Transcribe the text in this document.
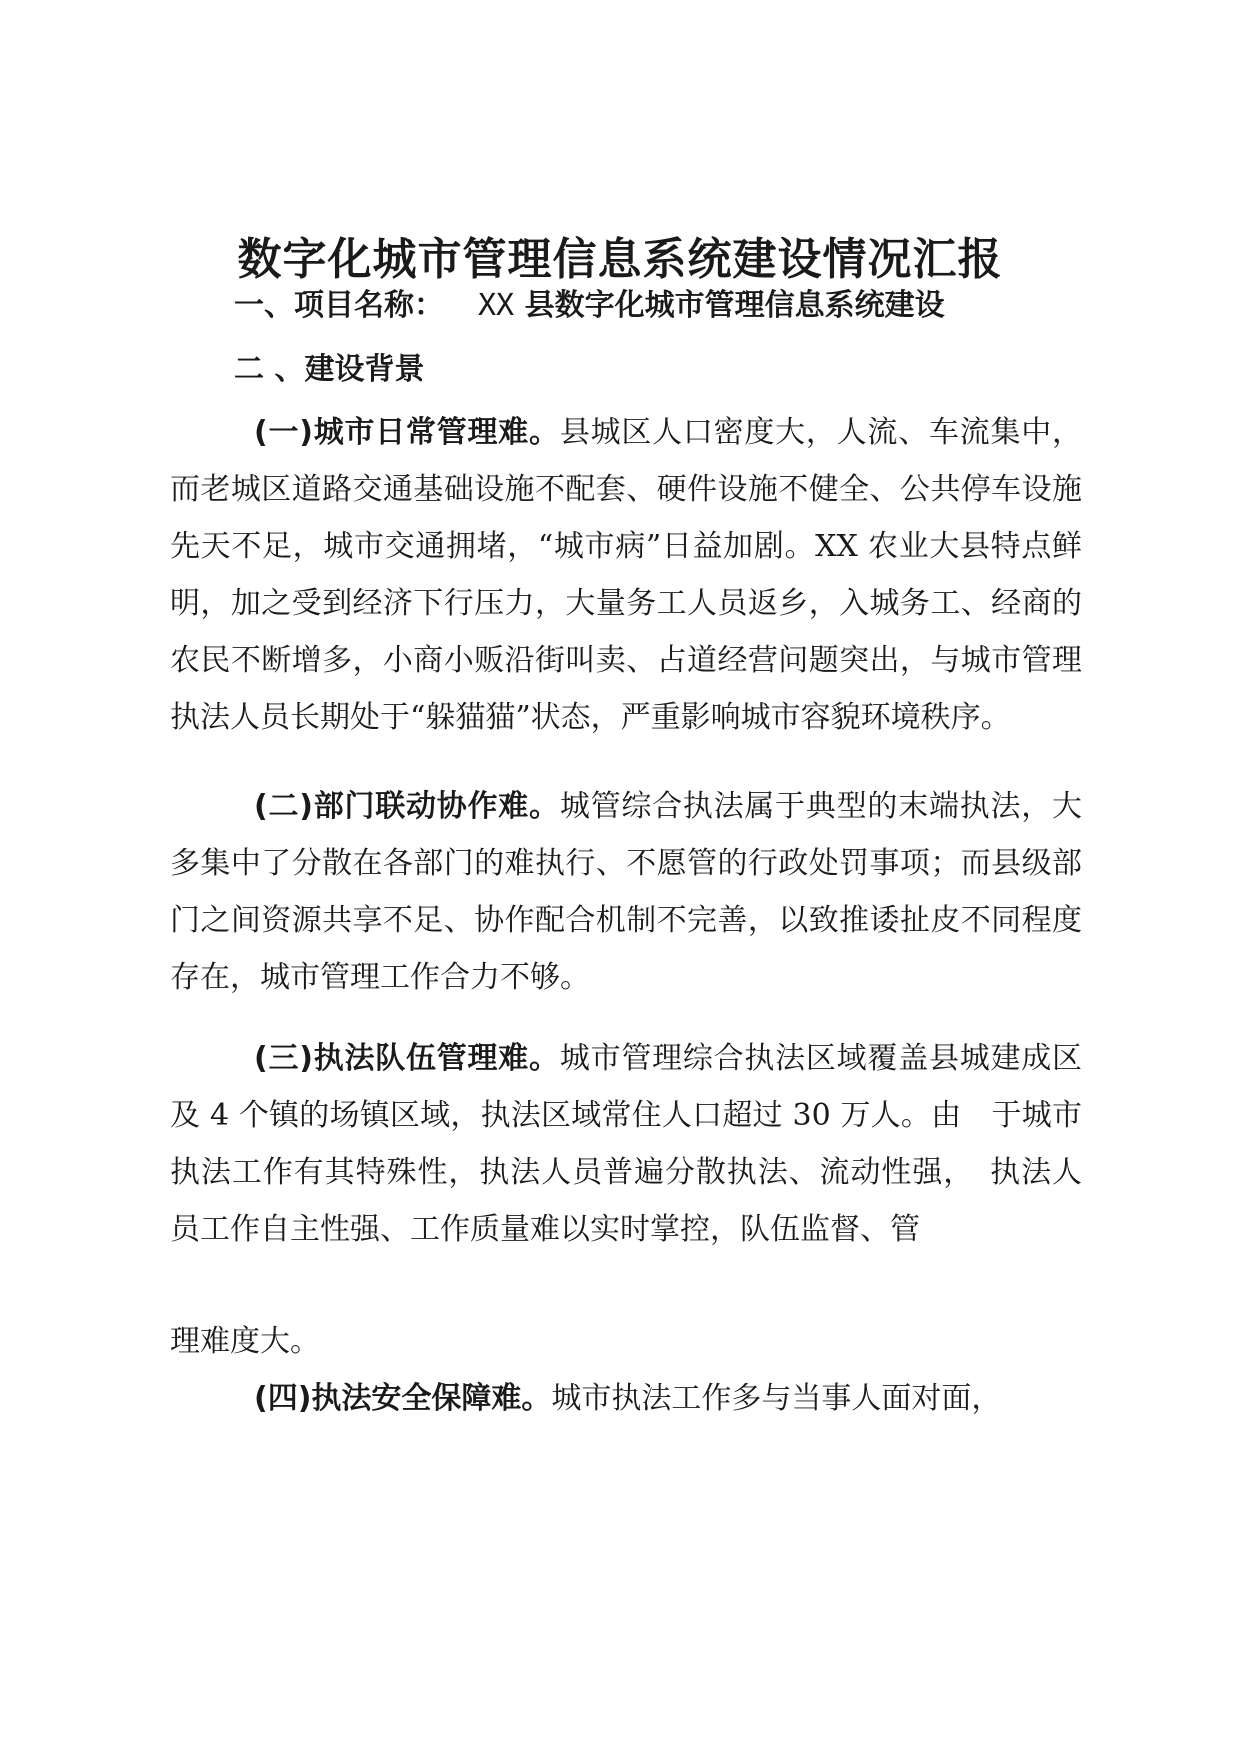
数字化城市管理信息系统建设情况汇报
一、项目名称： XX 县数字化城市管理信息系统建设
二 、建设背景
(一)城市日常管理难。县城区人口密度大，人流、车流集中，而老城区道路交通基础设施不配套、硬件设施不健全、公共停车设施先天不足，城市交通拥堵，“城市病”日益加剧。XX 农业大县特点鲜明，加之受到经济下行压力，大量务工人员返乡，入城务工、经商的农民不断增多，小商小贩沿街叫卖、占道经营问题突出，与城市管理执法人员长期处于“躲猫猫”状态，严重影响城市容貌环境秩序。
(二)部门联动协作难。城管综合执法属于典型的末端执法，大多集中了分散在各部门的难执行、不愿管的行政处罚事项；而县级部门之间资源共享不足、协作配合机制不完善，以致推诿扯皮不同程度存在，城市管理工作合力不够。
(三)执法队伍管理难。城市管理综合执法区域覆盖县城建成区及 4 个镇的场镇区域，执法区域常住人口超过 30 万人。由　于城市执法工作有其特殊性，执法人员普遍分散执法、流动性强，　执法人员工作自主性强、工作质量难以实时掌控，队伍监督、管
理难度大。
(四)执法安全保障难。城市执法工作多与当事人面对面，
